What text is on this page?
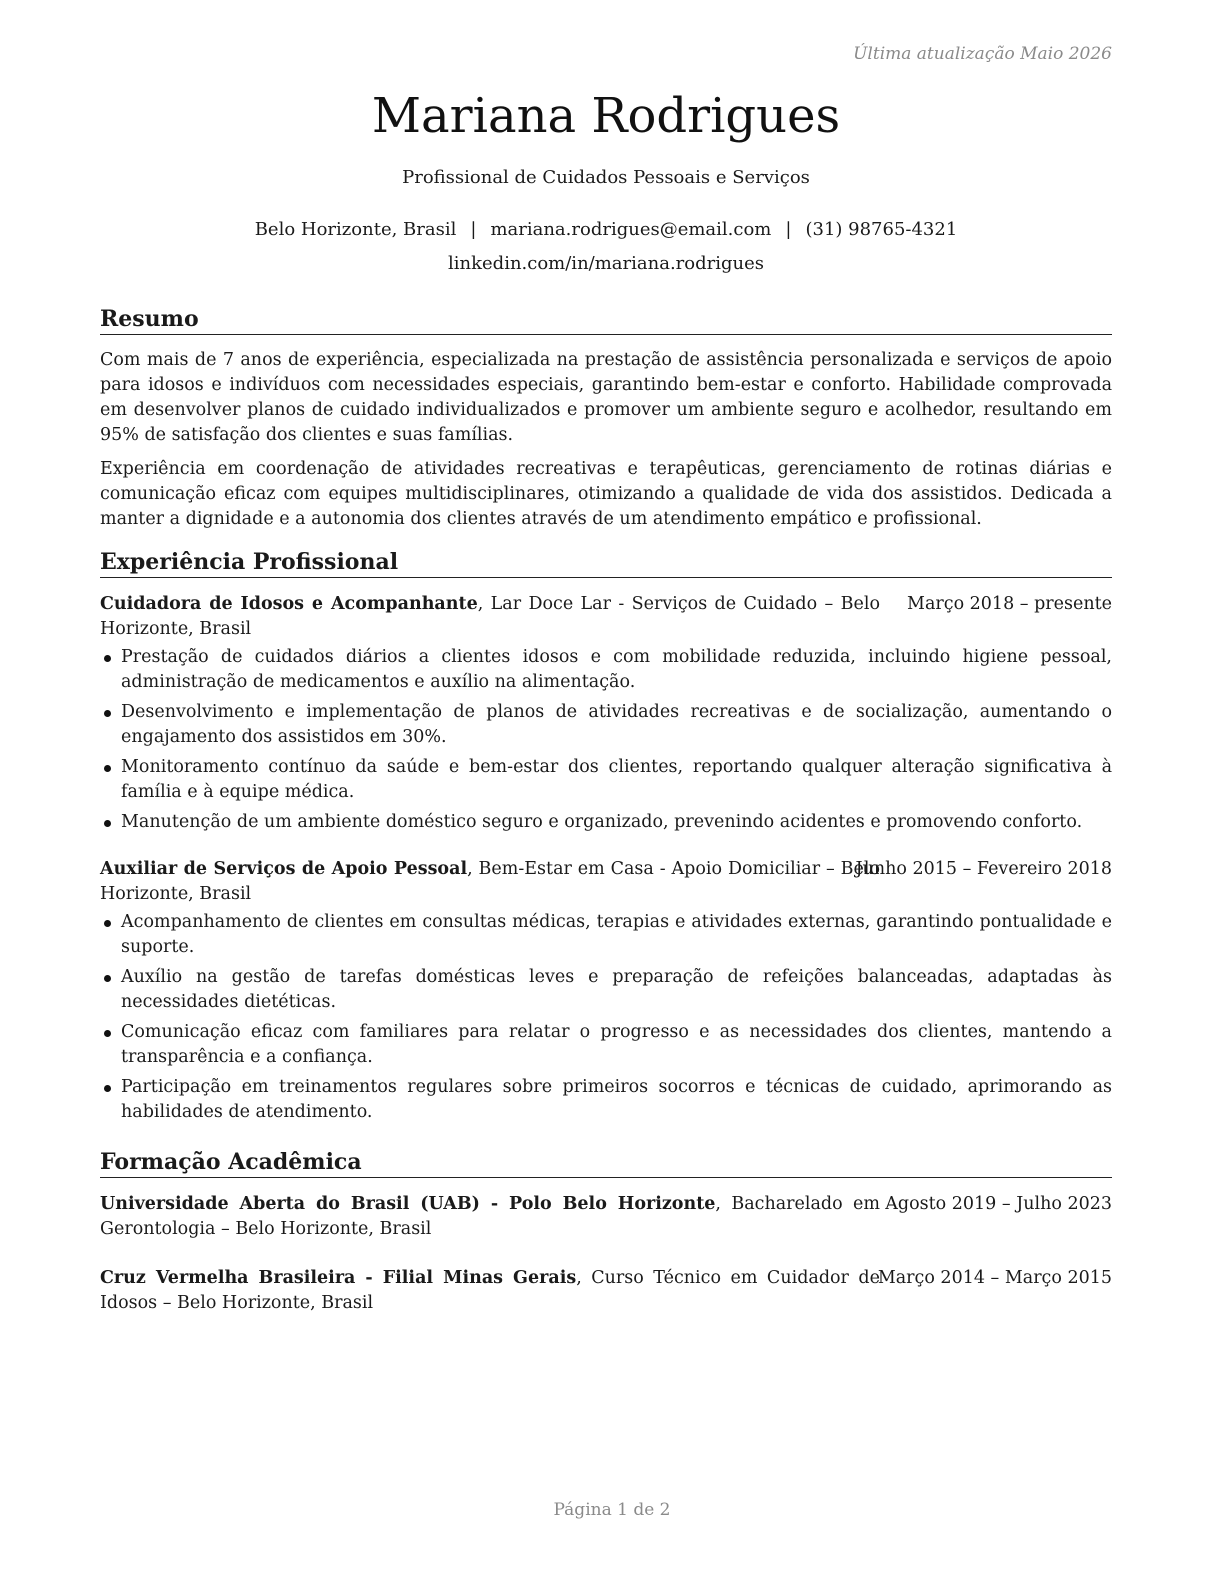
Última atualização Maio 2026
Mariana Rodrigues
Profissional de Cuidados Pessoais e Serviços
Belo Horizonte, Brasil | mariana.rodrigues@email.com | (31) 98765-4321
linkedin.com/in/mariana.rodrigues
Resumo

Com mais de 7 anos de experiência, especializada na prestação de assistência personalizada e serviços de apoio para idosos e indivíduos com necessidades especiais, garantindo bem-estar e conforto. Habilidade comprovada em desenvolver planos de cuidado individualizados e promover um ambiente seguro e acolhedor, resultando em 95% de satisfação dos clientes e suas famílias.

Experiência em coordenação de atividades recreativas e terapêuticas, gerenciamento de rotinas diárias e comunicação eficaz com equipes multidisciplinares, otimizando a qualidade de vida dos assistidos. Dedicada a manter a dignidade e a autonomia dos clientes através de um atendimento empático e profissional.

Experiência Profissional
Cuidadora de Idosos e Acompanhante, Lar Doce Lar - Serviços de Cuidado – Belo Horizonte, Brasil
Março 2018 – presente
Prestação de cuidados diários a clientes idosos e com mobilidade reduzida, incluindo higiene pessoal, administração de medicamentos e auxílio na alimentação.
Desenvolvimento e implementação de planos de atividades recreativas e de socialização, aumentando o engajamento dos assistidos em 30%.
Monitoramento contínuo da saúde e bem-estar dos clientes, reportando qualquer alteração significativa à família e à equipe médica.
Manutenção de um ambiente doméstico seguro e organizado, prevenindo acidentes e promovendo conforto.
Auxiliar de Serviços de Apoio Pessoal, Bem-Estar em Casa - Apoio Domiciliar – Belo Horizonte, Brasil
Junho 2015 – Fevereiro 2018
Acompanhamento de clientes em consultas médicas, terapias e atividades externas, garantindo pontualidade e suporte.
Auxílio na gestão de tarefas domésticas leves e preparação de refeições balanceadas, adaptadas às necessidades dietéticas.
Comunicação eficaz com familiares para relatar o progresso e as necessidades dos clientes, mantendo a transparência e a confiança.
Participação em treinamentos regulares sobre primeiros socorros e técnicas de cuidado, aprimorando as habilidades de atendimento.
Formação Acadêmica
Universidade Aberta do Brasil (UAB) - Polo Belo Horizonte, Bacharelado em Gerontologia – Belo Horizonte, Brasil
Agosto 2019 – Julho 2023
Cruz Vermelha Brasileira - Filial Minas Gerais, Curso Técnico em Cuidador de Idosos – Belo Horizonte, Brasil
Março 2014 – Março 2015
Página 1 de 2
